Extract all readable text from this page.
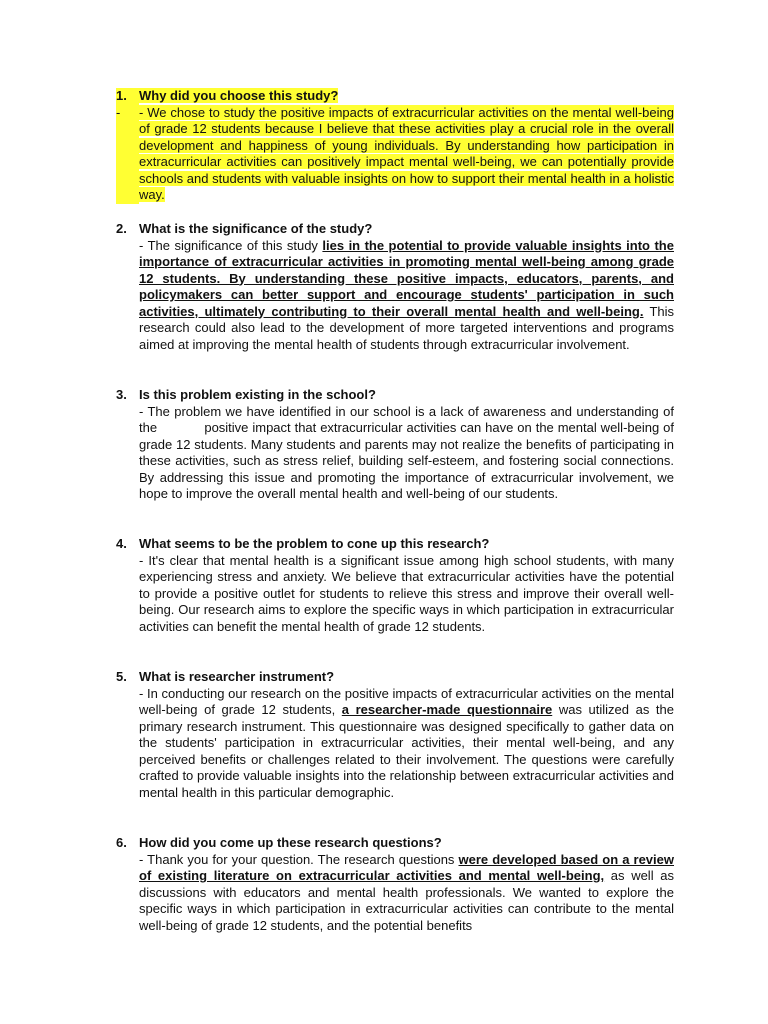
1. Why did you choose this study?
-	- We chose to study the positive impacts of extracurricular activities on the mental well-being of grade 12 students because I believe that these activities play a crucial role in the overall development and happiness of young individuals. By understanding how participation in extracurricular activities can positively impact mental well-being, we can potentially provide schools and students with valuable insights on how to support their mental health in a holistic way.
2. What is the significance of the study?
- The significance of this study lies in the potential to provide valuable insights into the importance of extracurricular activities in promoting mental well-being among grade 12 students. By understanding these positive impacts, educators, parents, and policymakers can better support and encourage students' participation in such activities, ultimately contributing to their overall mental health and well-being. This research could also lead to the development of more targeted interventions and programs aimed at improving the mental health of students through extracurricular involvement.
3. Is this problem existing in the school?
- The problem we have identified in our school is a lack of awareness and understanding of the            positive impact that extracurricular activities can have on the mental well-being of grade 12 students. Many students and parents may not realize the benefits of participating in these activities, such as stress relief, building self-esteem, and fostering social connections. By addressing this issue and promoting the importance of extracurricular involvement, we hope to improve the overall mental health and well-being of our students.
4. What seems to be the problem to cone up this research?
- It's clear that mental health is a significant issue among high school students, with many experiencing stress and anxiety. We believe that extracurricular activities have the potential to provide a positive outlet for students to relieve this stress and improve their overall well-being. Our research aims to explore the specific ways in which participation in extracurricular activities can benefit the mental health of grade 12 students.
5. What is researcher instrument?
- In conducting our research on the positive impacts of extracurricular activities on the mental well-being of grade 12 students, a researcher-made questionnaire was utilized as the primary research instrument. This questionnaire was designed specifically to gather data on the students' participation in extracurricular activities, their mental well-being, and any perceived benefits or challenges related to their involvement. The questions were carefully crafted to provide valuable insights into the relationship between extracurricular activities and mental health in this particular demographic.
6. How did you come up these research questions?
- Thank you for your question. The research questions were developed based on a review of existing literature on extracurricular activities and mental well-being, as well as discussions with educators and mental health professionals. We wanted to explore the specific ways in which participation in extracurricular activities can contribute to the mental well-being of grade 12 students, and the potential benefits
